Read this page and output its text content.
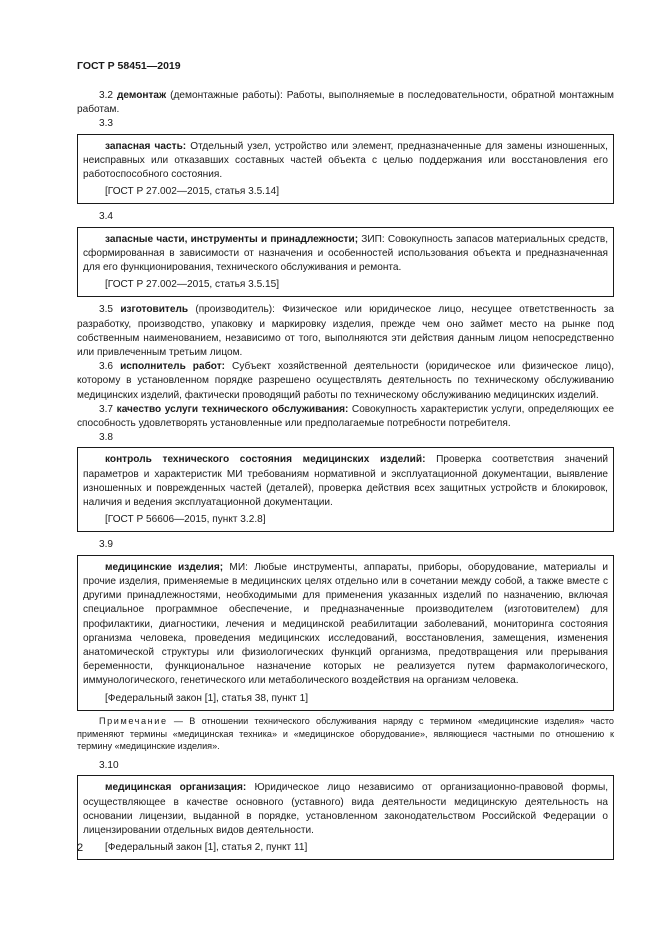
ГОСТ Р 58451—2019

3.2 демонтаж (демонтажные работы): Работы, выполняемые в последовательности, обратной монтажным работам.

3.3

запасная часть: Отдельный узел, устройство или элемент, предназначенные для замены изношенных, неисправных или отказавших составных частей объекта с целью поддержания или восстановления его работоспособного состояния.

[ГОСТ Р 27.002—2015, статья 3.5.14]
3.4

запасные части, инструменты и принадлежности; ЗИП: Совокупность запасов материальных средств, сформированная в зависимости от назначения и особенностей использования объекта и предназначенная для его функционирования, технического обслуживания и ремонта.

[ГОСТ Р 27.002—2015, статья 3.5.15]

3.5 изготовитель (производитель): Физическое или юридическое лицо, несущее ответственность за разработку, производство, упаковку и маркировку изделия, прежде чем оно займет место на рынке под собственным наименованием, независимо от того, выполняются эти действия данным лицом непосредственно или привлеченным третьим лицом.

3.6 исполнитель работ: Субъект хозяйственной деятельности (юридическое или физическое лицо), которому в установленном порядке разрешено осуществлять деятельность по техническому обслуживанию медицинских изделий, фактически проводящий работы по техническому обслуживанию медицинских изделий.

3.7 качество услуги технического обслуживания: Совокупность характеристик услуги, определяющих ее способность удовлетворять установленные или предполагаемые потребности потребителя.

3.8

контроль технического состояния медицинских изделий: Проверка соответствия значений параметров и характеристик МИ требованиям нормативной и эксплуатационной документации, выявление изношенных и поврежденных частей (деталей), проверка действия всех защитных устройств и блокировок, наличия и ведения эксплуатационной документации.

[ГОСТ Р 56606—2015, пункт 3.2.8]
3.9

медицинские изделия; МИ: Любые инструменты, аппараты, приборы, оборудование, материалы и прочие изделия, применяемые в медицинских целях отдельно или в сочетании между собой, а также вместе с другими принадлежностями, необходимыми для применения указанных изделий по назначению, включая специальное программное обеспечение, и предназначенные производителем (изготовителем) для профилактики, диагностики, лечения и медицинской реабилитации заболеваний, мониторинга состояния организма человека, проведения медицинских исследований, восстановления, замещения, изменения анатомической структуры или физиологических функций организма, предотвращения или прерывания беременности, функциональное назначение которых не реализуется путем фармакологического, иммунологического, генетического или метаболического воздействия на организм человека.

[Федеральный закон [1], статья 38, пункт 1]

Примечание — В отношении технического обслуживания наряду с термином «медицинские изделия» часто применяют термины «медицинская техника» и «медицинское оборудование», являющиеся частными по отношению к термину «медицинские изделия».

3.10

медицинская организация: Юридическое лицо независимо от организационно-правовой формы, осуществляющее в качестве основного (уставного) вида деятельности медицинскую деятельность на основании лицензии, выданной в порядке, установленном законодательством Российской Федерации о лицензировании отдельных видов деятельности.

[Федеральный закон [1], статья 2, пункт 11]
2
